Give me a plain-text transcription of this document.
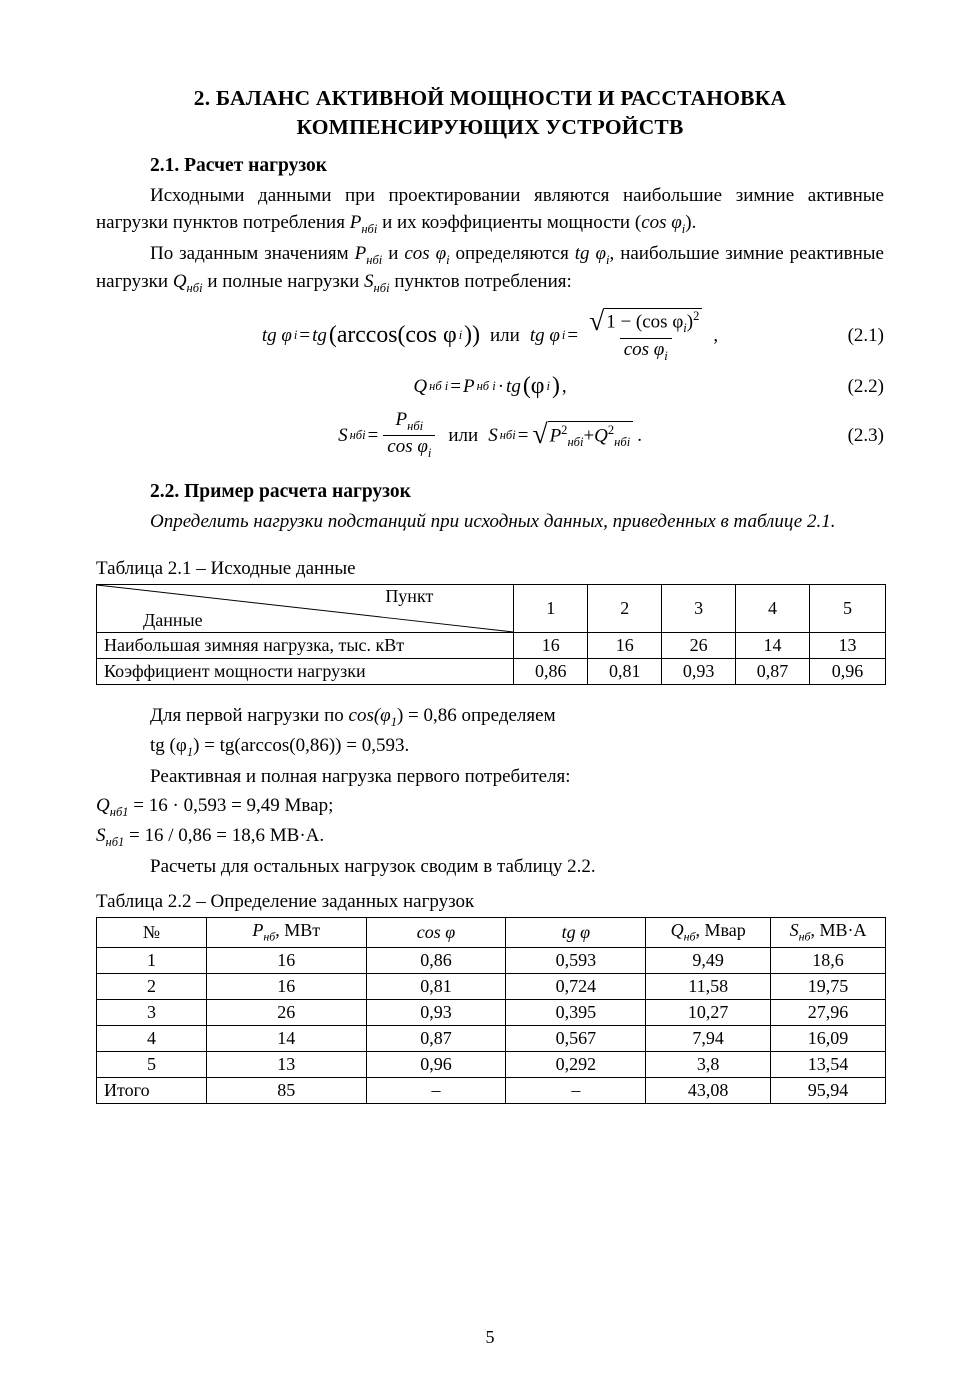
2. БАЛАНС АКТИВНОЙ МОЩНОСТИ И РАССТАНОВКА
КОМПЕНСИРУЮЩИХ УСТРОЙСТВ
2.1. Расчет нагрузок

Исходными данными при проектировании являются наибольшие зимние активные нагрузки пунктов потребления $P_{нбi}$ и их коэффициенты мощности (cos $\varphi_i$).

По заданным значениям $P_{нбi}$ и $\cos \varphi_i$ определяются tg $\varphi_i$, наибольшие зимние реактивные нагрузки $Q_{нбi}$ и полные нагрузки $S_{нбi}$ пунктов потребления:

tg φ i = tg (arccos(cos φ i )) или tg φ $i = \frac{√ 1 - (\cos \varphi_i)^2}{\cos \varphi_i}$ ,	(2.1)
Q нб i = P нб i · tg (φ i ) ,	(2.2)
S нбi = $\frac{P_{нбi}}{\cos \varphi_i}$ или S нбi = √ $P^2_{нбi}+Q^2_{нбi}$ .	(2.3)
2.2. Пример расчета нагрузок

Определить нагрузки подстанций при исходных данных, приведенных в таблице 2.1.

Таблица 2.1 – Исходные данные
Пункт
Данные	1	2	3	4	5
Наибольшая зимняя нагрузка, тыс. кВт	16	16	26	14	13
Коэффициент мощности нагрузки	0,86	0,81	0,93	0,87	0,96

Для первой нагрузки по $\cos(\varphi_1) = 0,86$ определяем

tg $(\varphi_1) = tg(\arccos(0,86)) = 0,593$.

Реактивная и полная нагрузка первого потребителя:

$Q_{нб1} = 16 \cdot 0,593 = 9,49$ Мвар;

$S_{нб1} = 16 / 0,86 = 18,6$ МВ·А.

Расчеты для остальных нагрузок сводим в таблицу 2.2.

Таблица 2.2 – Определение заданных нагрузок
№	$P_{нб}$, МВт	cos φ	tg φ	$Q_{нб}$, Мвар	$S_{нб}$, МВ·А
1	16	0,86	0,593	9,49	18,6
2	16	0,81	0,724	11,58	19,75
3	26	0,93	0,395	10,27	27,96
4	14	0,87	0,567	7,94	16,09
5	13	0,96	0,292	3,8	13,54
Итого	85	–	–	43,08	95,94
5
